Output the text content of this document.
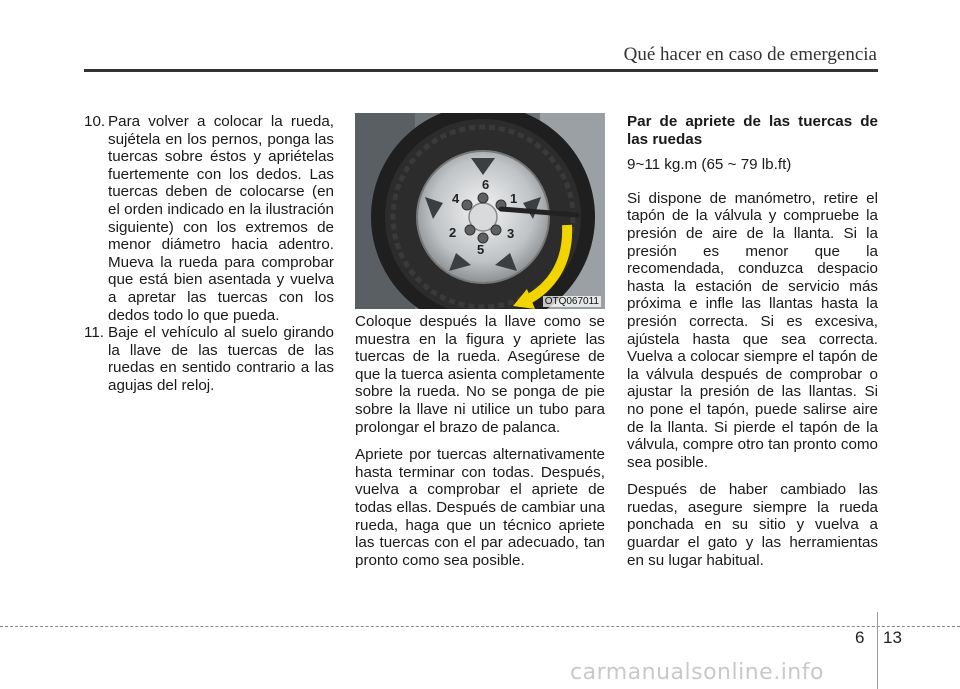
Qué hacer en caso de emergencia
10. Para volver a colocar la rueda, sujétela en los pernos, ponga las tuercas sobre éstos y apriételas fuertemente con los dedos. Las tuercas deben de colocarse (en el orden indicado en la ilustración siguiente) con los extremos de menor diámetro hacia adentro. Mueva la rueda para comprobar que está bien asentada y vuelva a apretar las tuercas con los dedos todo lo que pueda.
11. Baje el vehículo al suelo girando la llave de las tuercas de las ruedas en sentido contrario a las agujas del reloj.
1
2	3
4
5
6
OTQ067011

Coloque después la llave como se muestra en la figura y apriete las tuercas de la rueda. Asegúrese de que la tuerca asienta completamente sobre la rueda. No se ponga de pie sobre la llave ni utilice un tubo para prolongar el brazo de palanca.

Apriete por tuercas alternativamente hasta terminar con todas. Después, vuelva a comprobar el apriete de todas ellas. Después de cambiar una rueda, haga que un técnico apriete las tuercas con el par adecuado, tan pronto como sea posible.

Par de apriete de las tuercas de las ruedas

9~11 kg.m (65 ~ 79 lb.ft)

Si dispone de manómetro, retire el tapón de la válvula y compruebe la presión de aire de la llanta. Si la presión es menor que la recomendada, conduzca despacio hasta la estación de servicio más próxima e infle las llantas hasta la presión correcta. Si es excesiva, ajústela hasta que sea correcta. Vuelva a colocar siempre el tapón de la válvula después de comprobar o ajustar la presión de las llantas. Si no pone el tapón, puede salirse aire de la llanta. Si pierde el tapón de la válvula, compre otro tan pronto como sea posible.

Después de haber cambiado las ruedas, asegure siempre la rueda ponchada en su sitio y vuelva a guardar el gato y las herramientas en su lugar habitual.

6 13
carmanualsonline.info
